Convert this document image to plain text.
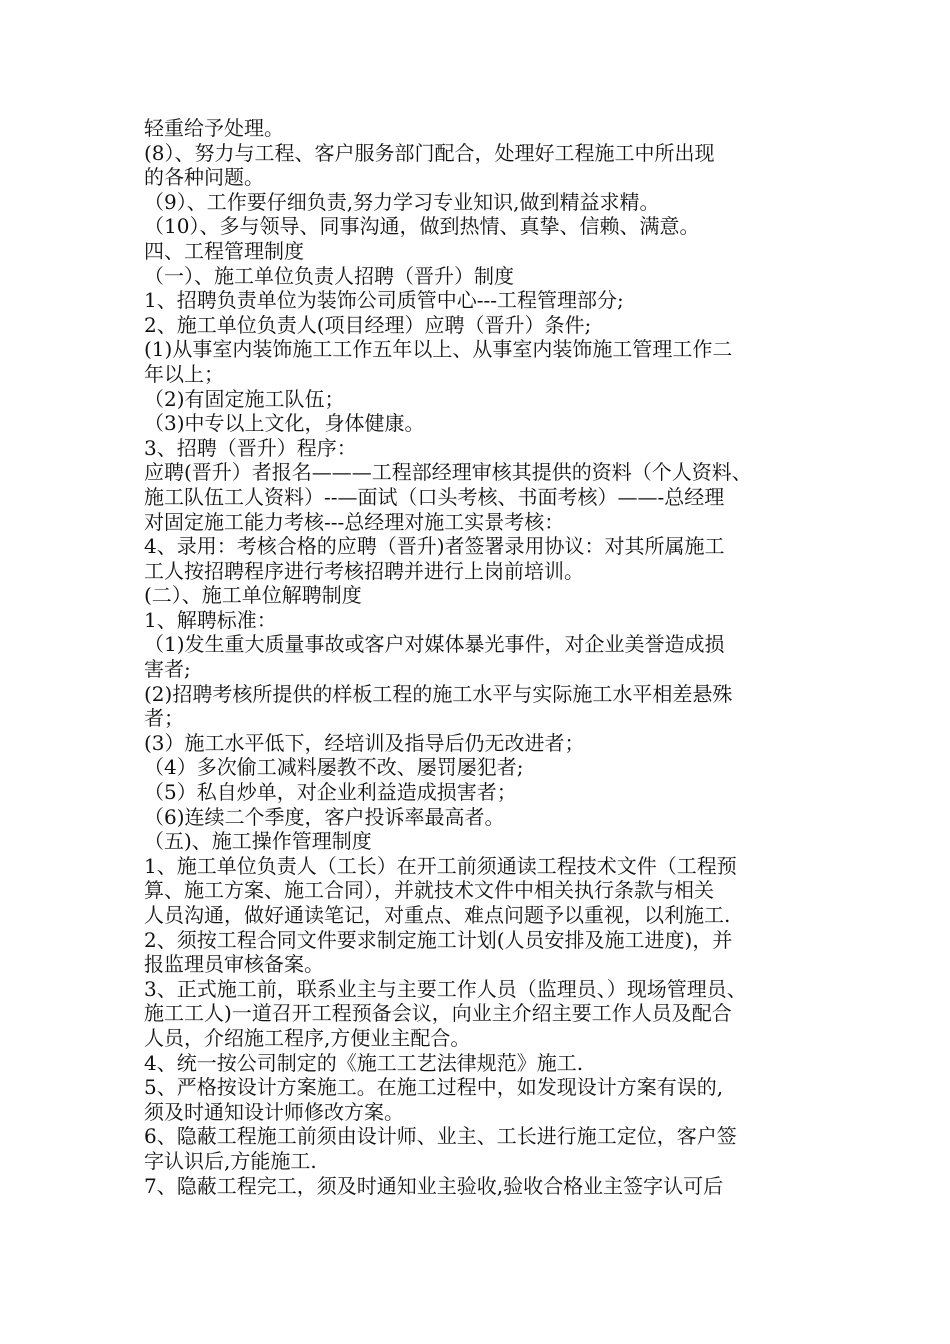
轻重给予处理。

(8）、努力与工程、客户服务部门配合，处理好工程施工中所出现

的各种问题。

（9）、工作要仔细负责,努力学习专业知识,做到精益求精。

（10）、多与领导、同事沟通，做到热情、真挚、信赖、满意。

四、工程管理制度

（一）、施工单位负责人招聘（晋升）制度

1、招聘负责单位为装饰公司质管中心---工程管理部分;

2、施工单位负责人(项目经理）应聘（晋升）条件;

(1)从事室内装饰施工工作五年以上、从事室内装饰施工管理工作二

年以上；

（2)有固定施工队伍；

（3)中专以上文化，身体健康。

3、招聘（晋升）程序：

应聘(晋升）者报名———工程部经理审核其提供的资料（个人资料、

施工队伍工人资料）--—面试（口头考核、书面考核）——-总经理

对固定施工能力考核---总经理对施工实景考核：

4、录用：考核合格的应聘（晋升)者签署录用协议：对其所属施工

工人按招聘程序进行考核招聘并进行上岗前培训。

(二）、施工单位解聘制度

1、解聘标准：

（1)发生重大质量事故或客户对媒体暴光事件，对企业美誉造成损

害者;

(2)招聘考核所提供的样板工程的施工水平与实际施工水平相差悬殊

者；

(3）施工水平低下，经培训及指导后仍无改进者；

（4）多次偷工减料屡教不改、屡罚屡犯者;

（5）私自炒单，对企业利益造成损害者；

（6)连续二个季度，客户投诉率最高者。

（五)、施工操作管理制度

1、施工单位负责人（工长）在开工前须通读工程技术文件（工程预

算、施工方案、施工合同），并就技术文件中相关执行条款与相关

人员沟通，做好通读笔记，对重点、难点问题予以重视，以利施工.

2、须按工程合同文件要求制定施工计划(人员安排及施工进度)，并

报监理员审核备案。

3、正式施工前，联系业主与主要工作人员（监理员、）现场管理员、

施工工人)一道召开工程预备会议，向业主介绍主要工作人员及配合

人员，介绍施工程序,方便业主配合。

4、统一按公司制定的《施工工艺法律规范》施工.

5、严格按设计方案施工。在施工过程中，如发现设计方案有误的,

须及时通知设计师修改方案。

6、隐蔽工程施工前须由设计师、业主、工长进行施工定位，客户签

字认识后,方能施工.

7、隐蔽工程完工，须及时通知业主验收,验收合格业主签字认可后
